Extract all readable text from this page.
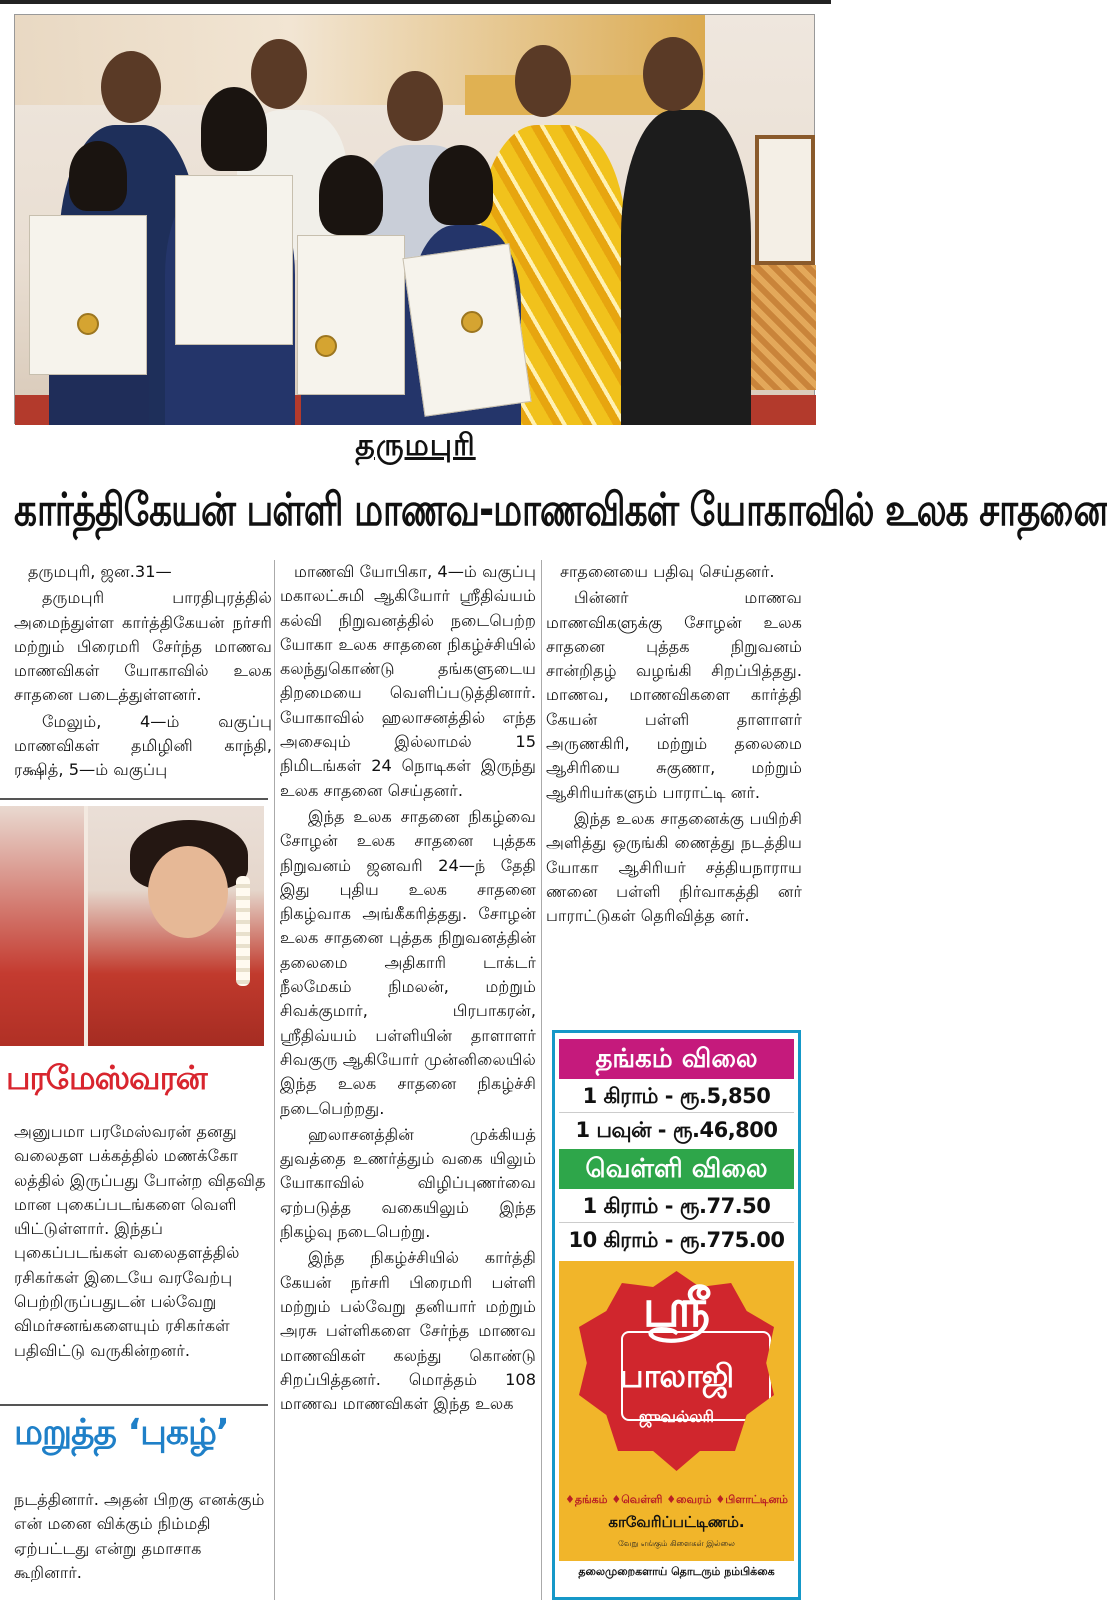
தருமபுரி
கார்த்திகேயன் பள்ளி மாணவ-மாணவிகள் யோகாவில் உலக சாதனை

தருமபுரி, ஜன.31—

தருமபுரி பாரதிபுரத்தில் அமைந்துள்ள கார்த்திகேயன் நர்சரி மற்றும் பிரைமரி சேர்ந்த மாணவ மாணவிகள் யோகாவில் உலக சாதனை படைத்துள்ளனர்.

மேலும், 4—ம் வகுப்பு மாணவிகள் தமிழினி காந்தி, ரக்ஷித், 5—ம் வகுப்பு

மாணவி யோபிகா, 4—ம் வகுப்பு மகாலட்சுமி ஆகியோர் ஸ்ரீதிவ்யம் கல்வி நிறுவனத்தில் நடைபெற்ற யோகா உலக சாதனை நிகழ்ச்சியில் கலந்துகொண்டு தங்களுடைய திறமையை வெளிப்படுத்தினார். யோகாவில் ஹலாசனத்தில் எந்த அசைவும் இல்லாமல் 15 நிமிடங்கள் 24 நொடிகள் இருந்து உலக சாதனை செய்தனர்.

இந்த உலக சாதனை நிகழ்வை சோழன் உலக சாதனை புத்தக நிறுவனம் ஜனவரி 24—ந் தேதி இது புதிய உலக சாதனை நிகழ்வாக அங்கீகரித்தது. சோழன் உலக சாதனை புத்தக நிறுவனத்தின் தலைமை அதிகாரி டாக்டர் நீலமேகம் நிமலன், மற்றும் சிவக்குமார், பிரபாகரன், ஸ்ரீதிவ்யம் பள்ளியின் தாளாளர் சிவகுரு ஆகியோர் முன்னிலையில் இந்த உலக சாதனை நிகழ்ச்சி நடைபெற்றது.

ஹலாசனத்தின் முக்கியத் துவத்தை உணர்த்தும் வகை யிலும் யோகாவில் விழிப்புணர்வை ஏற்படுத்த வகையிலும் இந்த நிகழ்வு நடைபெற்று.

இந்த நிகழ்ச்சியில் கார்த்தி கேயன் நர்சரி பிரைமரி பள்ளி மற்றும் பல்வேறு தனியார் மற்றும் அரசு பள்ளிகளை சேர்ந்த மாணவ மாணவிகள் கலந்து கொண்டு சிறப்பித்தனர். மொத்தம் 108 மாணவ மாணவிகள் இந்த உலக

சாதனையை பதிவு செய்தனர்.

பின்னர் மாணவ மாணவிகளுக்கு சோழன் உலக சாதனை புத்தக நிறுவனம் சான்றிதழ் வழங்கி சிறப்பித்தது. மாணவ, மாணவிகளை கார்த்தி கேயன் பள்ளி தாளாளர் அருணகிரி, மற்றும் தலைமை ஆசிரியை சுகுணா, மற்றும் ஆசிரியர்களும் பாராட்டி னர்.

இந்த உலக சாதனைக்கு பயிற்சி அளித்து ஒருங்கி ணைத்து நடத்திய யோகா ஆசிரியர் சத்தியநாராய ணனை பள்ளி நிர்வாகத்தி னர் பாராட்டுகள் தெரிவித்த னர்.

பரமேஸ்வரன்
அனுபமா பரமேஸ்வரன் தனது வலைதள பக்கத்தில் மணக்கோ லத்தில் இருப்பது போன்ற விதவித மான புகைப்படங்களை வெளி யிட்டுள்ளார். இந்தப் புகைப்படங்கள் வலைதளத்தில் ரசிகர்கள் இடையே வரவேற்பு பெற்றிருப்பதுடன் பல்வேறு விமர்சனங்களையும் ரசிகர்கள் பதிவிட்டு வருகின்றனர்.
மறுத்த ‘புகழ்’
நடத்தினார். அதன் பிறகு எனக்கும் என் மனை விக்கும் நிம்மதி ஏற்பட்டது என்று தமாசாக கூறினார்.
தங்கம் விலை
1 கிராம் - ரூ.5,850
1 பவுன் - ரூ.46,800
வெள்ளி விலை
1 கிராம் - ரூ.77.50
10 கிராம் - ரூ.775.00
ஸ்ரீ
பாலாஜி
ஜுவல்லரி
♦தங்கம் ♦வெள்ளி ♦வைரம் ♦பிளாட்டினம்
காவேரிப்பட்டிணம்.
வேறு எங்கும் கிளைகள் இல்லை
தலைமுறைகளாய் தொடரும் நம்பிக்கை
